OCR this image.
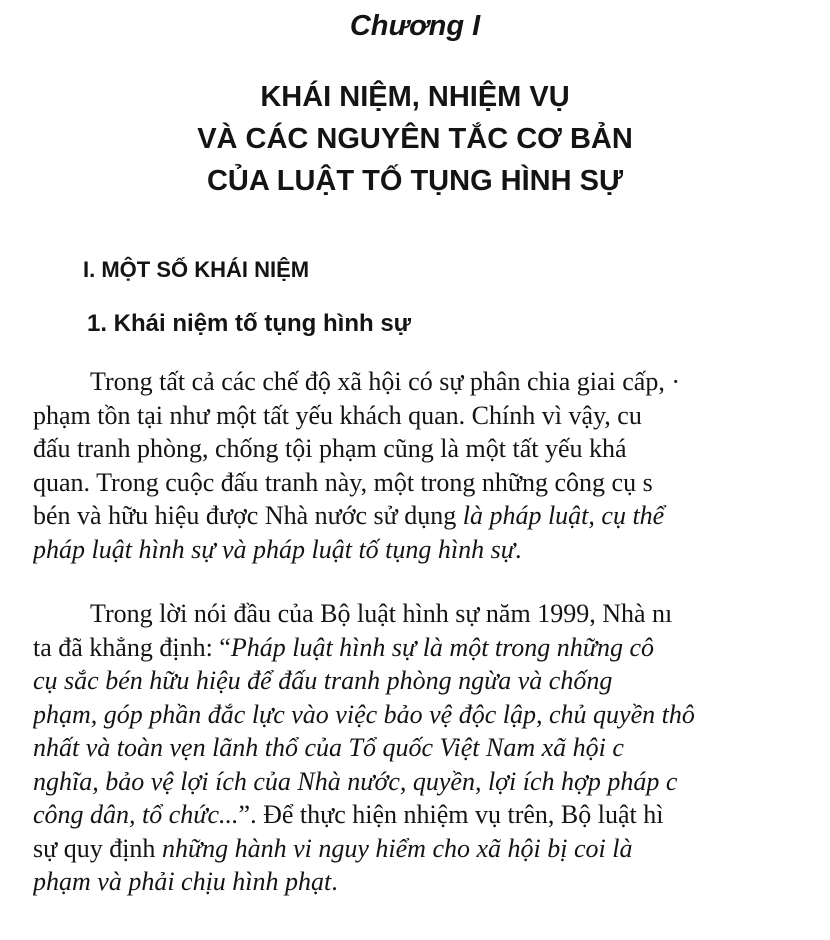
Chương I
KHÁI NIỆM, NHIỆM VỤ
VÀ CÁC NGUYÊN TẮC CƠ BẢN
CỦA LUẬT TỐ TỤNG HÌNH SỰ
I. MỘT SỐ KHÁI NIỆM
1. Khái niệm tố tụng hình sự
Trong tất cả các chế độ xã hội có sự phân chia giai cấp, ·
phạm tồn tại như một tất yếu khách quan. Chính vì vậy, cu
đấu tranh phòng, chống tội phạm cũng là một tất yếu khá
quan. Trong cuộc đấu tranh này, một trong những công cụ s
bén và hữu hiệu được Nhà nước sử dụng là pháp luật, cụ thể
pháp luật hình sự và pháp luật tố tụng hình sự.
Trong lời nói đầu của Bộ luật hình sự năm 1999, Nhà nı
ta đã khẳng định: “Pháp luật hình sự là một trong những cô
cụ sắc bén hữu hiệu để đấu tranh phòng ngừa và chống
phạm, góp phần đắc lực vào việc bảo vệ độc lập, chủ quyền thô
nhất và toàn vẹn lãnh thổ của Tổ quốc Việt Nam xã hội c
nghĩa, bảo vệ lợi ích của Nhà nước, quyền, lợi ích hợp pháp c
công dân, tổ chức...”. Để thực hiện nhiệm vụ trên, Bộ luật hì
sự quy định những hành vi nguy hiểm cho xã hội bị coi là
phạm và phải chịu hình phạt.
